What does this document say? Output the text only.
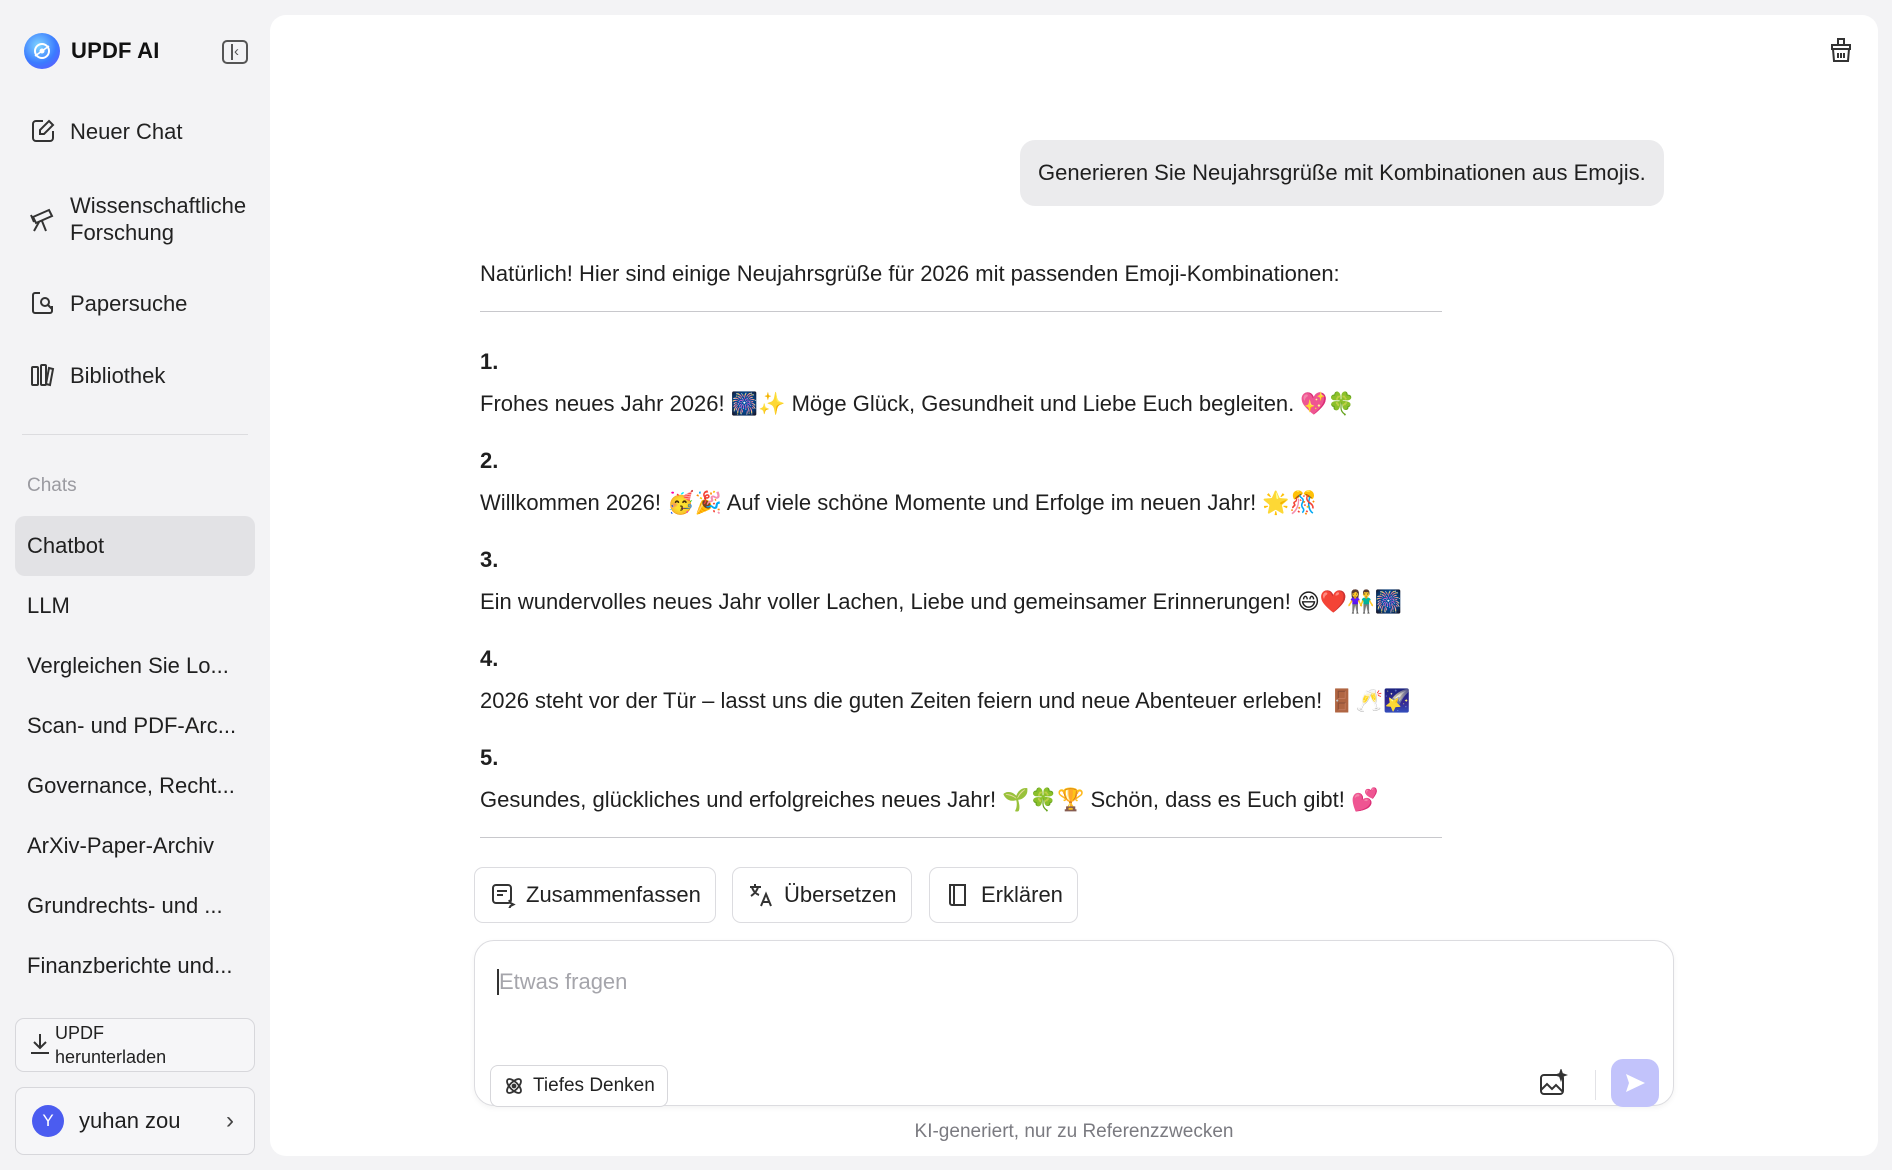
UPDF AI	‹
Neuer Chat
Wissenschaftliche Forschung
Papersuche
Bibliothek
Chats
Chatbot
LLM
Vergleichen Sie Lo...
Scan- und PDF-Arc...
Governance, Recht...
ArXiv-Paper-Archiv
Grundrechts- und ...
Finanzberichte und...
UPDF herunterladen
Y	yuhan zou ›
Generieren Sie Neujahrsgrüße mit Kombinationen aus Emojis.
Natürlich! Hier sind einige Neujahrsgrüße für 2026 mit passenden Emoji-Kombinationen:
1.
Frohes neues Jahr 2026! 🎆✨ Möge Glück, Gesundheit und Liebe Euch begleiten. 💖🍀
2.
Willkommen 2026! 🥳🎉 Auf viele schöne Momente und Erfolge im neuen Jahr! 🌟🎊
3.
Ein wundervolles neues Jahr voller Lachen, Liebe und gemeinsamer Erinnerungen! 😄❤️👫🎆
4.
2026 steht vor der Tür – lasst uns die guten Zeiten feiern und neue Abenteuer erleben! 🚪🥂🌠
5.
Gesundes, glückliches und erfolgreiches neues Jahr! 🌱🍀🏆 Schön, dass es Euch gibt! 💕
Zusammenfassen	Übersetzen	Erklären
Etwas fragen
Tiefes Denken
KI-generiert, nur zu Referenzzwecken
